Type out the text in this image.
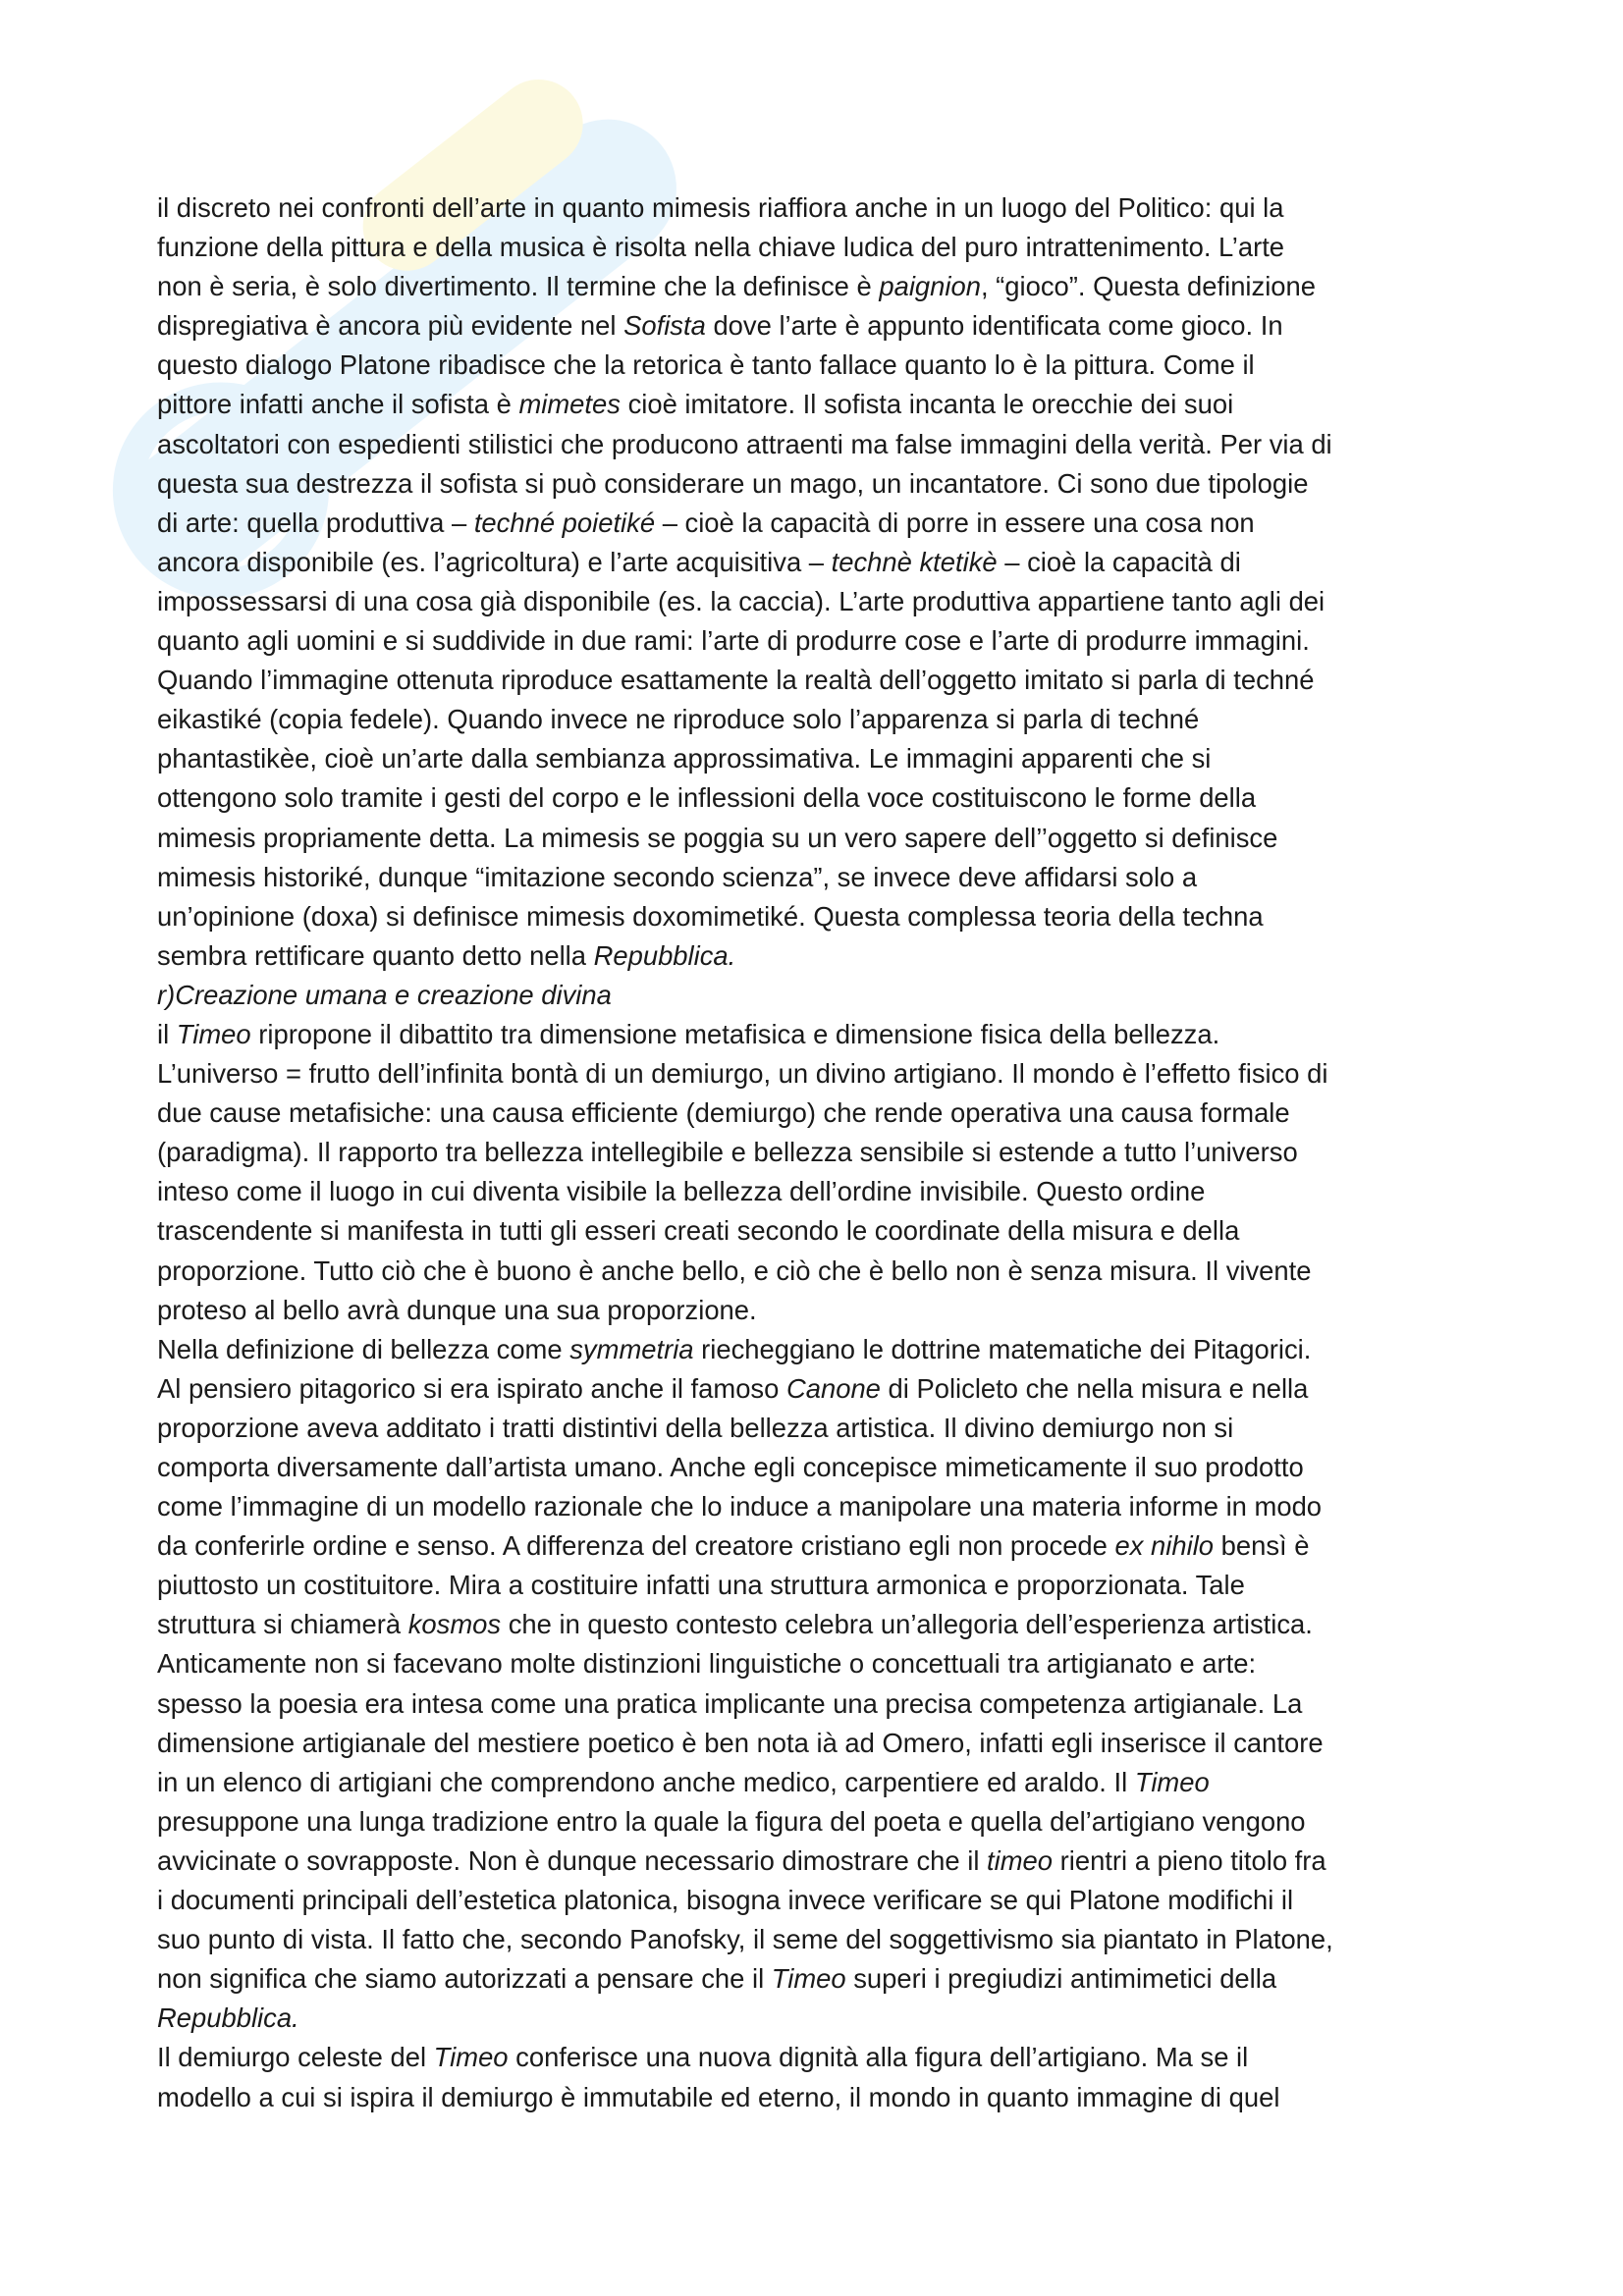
il discreto nei confronti dell’arte in quanto mimesis riaffiora anche in un luogo del Politico: qui la

funzione della pittura e della musica è risolta nella chiave ludica del puro intrattenimento. L’arte

non è seria, è solo divertimento. Il termine che la definisce è paignion, “gioco”. Questa definizione

dispregiativa è ancora più evidente nel Sofista dove l’arte è appunto identificata come gioco. In

questo dialogo Platone ribadisce che la retorica è tanto fallace quanto lo è la pittura. Come il

pittore infatti anche il sofista è mimetes cioè imitatore. Il sofista incanta le orecchie dei suoi

ascoltatori con espedienti stilistici che producono attraenti ma false immagini della verità. Per via di

questa sua destrezza il sofista si può considerare un mago, un incantatore. Ci sono due tipologie

di arte: quella produttiva – techné poietiké – cioè la capacità di porre in essere una cosa non

ancora disponibile (es. l’agricoltura) e l’arte acquisitiva – technè ktetikè – cioè la capacità di

impossessarsi di una cosa già disponibile (es. la caccia). L’arte produttiva appartiene tanto agli dei

quanto agli uomini e si suddivide in due rami: l’arte di produrre cose e l’arte di produrre immagini.

Quando l’immagine ottenuta riproduce esattamente la realtà dell’oggetto imitato si parla di techné

eikastiké (copia fedele). Quando invece ne riproduce solo l’apparenza si parla di techné

phantastikèe, cioè un’arte dalla sembianza approssimativa. Le immagini apparenti che si

ottengono solo tramite i gesti del corpo e le inflessioni della voce costituiscono le forme della

mimesis propriamente detta. La mimesis se poggia su un vero sapere dell’’oggetto si definisce

mimesis historiké, dunque “imitazione secondo scienza”, se invece deve affidarsi solo a

un’opinione (doxa) si definisce mimesis doxomimetiké. Questa complessa teoria della techna

sembra rettificare quanto detto nella Repubblica.

r)Creazione umana e creazione divina

il Timeo ripropone il dibattito tra dimensione metafisica e dimensione fisica della bellezza.

L’universo = frutto dell’infinita bontà di un demiurgo, un divino artigiano. Il mondo è l’effetto fisico di

due cause metafisiche: una causa efficiente (demiurgo) che rende operativa una causa formale

(paradigma). Il rapporto tra bellezza intellegibile e bellezza sensibile si estende a tutto l’universo

inteso come il luogo in cui diventa visibile la bellezza dell’ordine invisibile. Questo ordine

trascendente si manifesta in tutti gli esseri creati secondo le coordinate della misura e della

proporzione. Tutto ciò che è buono è anche bello, e ciò che è bello non è senza misura. Il vivente

proteso al bello avrà dunque una sua proporzione.

Nella definizione di bellezza come symmetria riecheggiano le dottrine matematiche dei Pitagorici.

Al pensiero pitagorico si era ispirato anche il famoso Canone di Policleto che nella misura e nella

proporzione aveva additato i tratti distintivi della bellezza artistica. Il divino demiurgo non si

comporta diversamente dall’artista umano. Anche egli concepisce mimeticamente il suo prodotto

come l’immagine di un modello razionale che lo induce a manipolare una materia informe in modo

da conferirle ordine e senso. A differenza del creatore cristiano egli non procede ex nihilo bensì è

piuttosto un costituitore. Mira a costituire infatti una struttura armonica e proporzionata. Tale

struttura si chiamerà kosmos che in questo contesto celebra un’allegoria dell’esperienza artistica.

Anticamente non si facevano molte distinzioni linguistiche o concettuali tra artigianato e arte:

spesso la poesia era intesa come una pratica implicante una precisa competenza artigianale. La

dimensione artigianale del mestiere poetico è ben nota ià ad Omero, infatti egli inserisce il cantore

in un elenco di artigiani che comprendono anche medico, carpentiere ed araldo. Il Timeo

presuppone una lunga tradizione entro la quale la figura del poeta e quella del’artigiano vengono

avvicinate o sovrapposte. Non è dunque necessario dimostrare che il timeo rientri a pieno titolo fra

i documenti principali dell’estetica platonica, bisogna invece verificare se qui Platone modifichi il

suo punto di vista. Il fatto che, secondo Panofsky, il seme del soggettivismo sia piantato in Platone,

non significa che siamo autorizzati a pensare che il Timeo superi i pregiudizi antimimetici della

Repubblica.

Il demiurgo celeste del Timeo conferisce una nuova dignità alla figura dell’artigiano. Ma se il

modello a cui si ispira il demiurgo è immutabile ed eterno, il mondo in quanto immagine di quel
